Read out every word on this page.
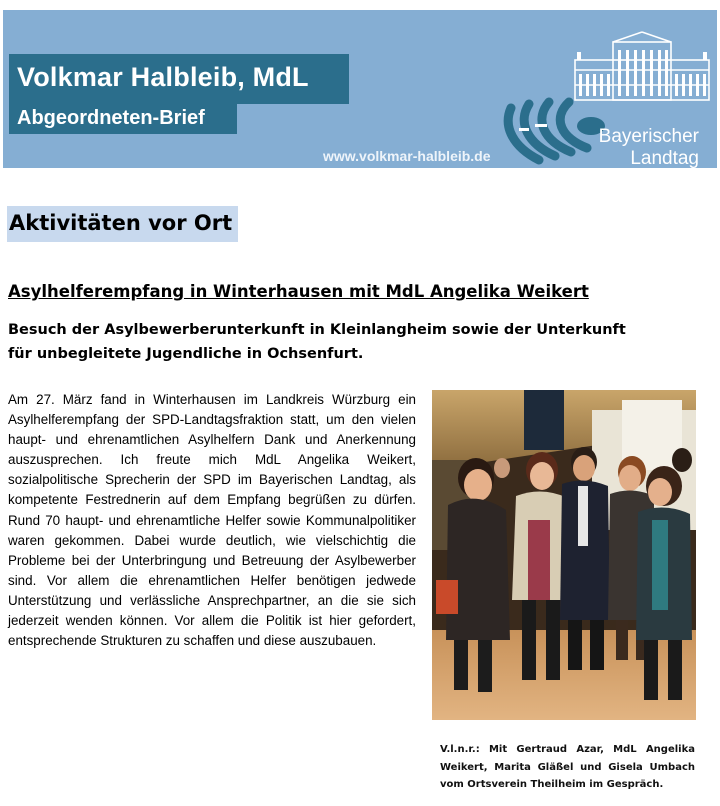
Volkmar Halbleib, MdL
Abgeordneten-Brief
www.volkmar-halbleib.de
Bayerischer
Landtag
Aktivitäten vor Ort
Asylhelferempfang in Winterhausen mit MdL Angelika Weikert
Besuch der Asylbewerberunterkunft in Kleinlangheim sowie der Unterkunft für unbegleitete Jugendliche in Ochsenfurt.
Am 27. März fand in Winterhausen im Landkreis Würzburg ein Asylhelferempfang der SPD-Landtagsfraktion statt, um den vielen haupt- und ehrenamtlichen Asylhelfern Dank und Anerkennung auszusprechen. Ich freute mich MdL Angelika Weikert, sozialpolitische Sprecherin der SPD im Bayerischen Landtag, als kompetente Festrednerin auf dem Empfang begrüßen zu dürfen. Rund 70 haupt- und ehrenamtliche Helfer sowie Kommunalpolitiker waren gekommen. Dabei wurde deutlich, wie vielschichtig die Probleme bei der Unterbringung und Betreuung der Asylbewerber sind. Vor allem die ehrenamtlichen Helfer benötigen jedwede Unterstützung und verlässliche Ansprechpartner, an die sie sich jederzeit wenden können. Vor allem die Politik ist hier gefordert, entsprechende Strukturen zu schaffen und diese auszubauen.
V.l.n.r.: Mit Gertraud Azar, MdL Angelika Weikert, Marita Gläßel und Gisela Umbach vom Ortsverein Theilheim im Gespräch.
